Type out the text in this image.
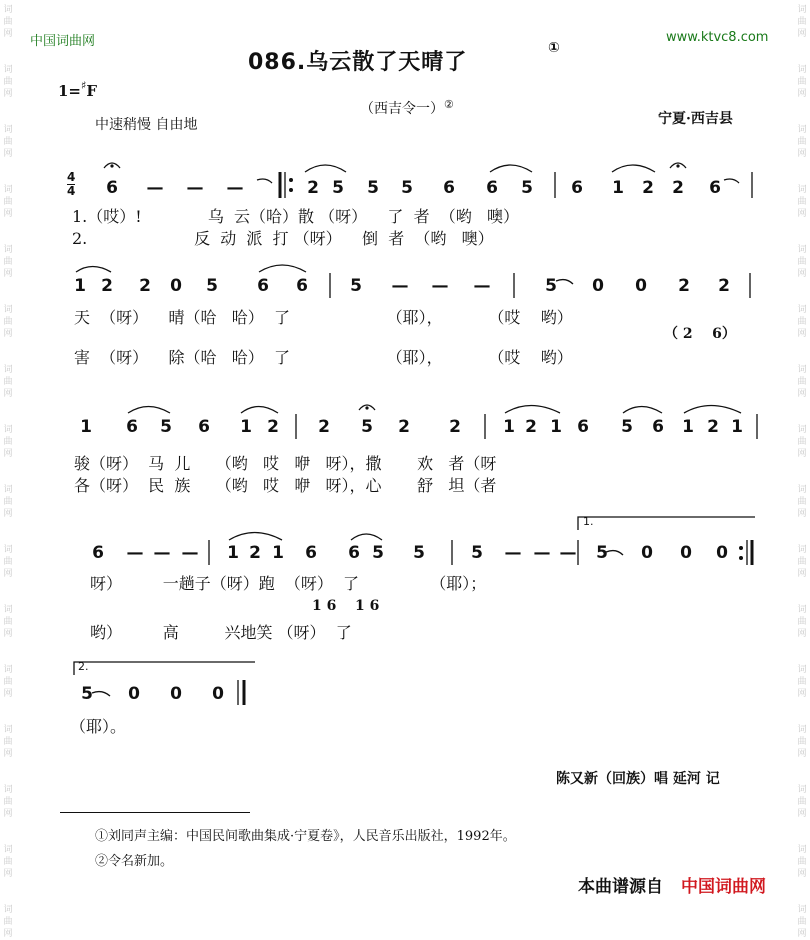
词
曲
网
词
曲
网
词
曲
网
词
曲
网
词
曲
网
词
曲
网
词
曲
网
词
曲
网
词
曲
网
词
曲
网
词
曲
网
词
曲
网
词
曲
网
词
曲
网
词
曲
网
词
曲
网
词
曲
网
词
曲
网
词
曲
网
词
曲
网
词
曲
网
词
曲
网
词
曲
网
词
曲
网
词
曲
网
词
曲
网
词
曲
网
词
曲
网
词
曲
网
词
曲
网
词
曲
网
词
曲
网
中国词曲网	www.ktvc8.com
086.乌云散了天晴了
①
1=♯F
（西吉令一）②
中速稍慢 自由地	宁夏·西吉县
4
4 6 — — —	2 5 5 5 6 6 5 6 1 2 2 6
1 2 2 0 5 6 6 5 — — —	5 0 0 2 2
1 6 5 6 1 2 2 5 2 2 1 2 1 6 5 6 1 2 1
6 — — — 1 2 1 6 6 5 5	5 — — — 5 0 0 0
5 0 0 0
1.（哎）!             乌  云（哈）散 （呀）    了  者  （哟   噢）
2.                     反  动  派  打 （呀）    倒  者  （哟   噢）
天  （呀）    晴（哈   哈）  了                   （耶），         （哎    哟）
（ 2    6）
害  （呀）    除（哈   哈）  了                   （耶），         （哎    哟）
骏（呀）  马  儿     （哟   哎   咿   呀），撒       欢   者（呀
各（呀）  民  族     （哟   哎   咿   呀），心       舒   坦（者
呀）        一趟子（呀）跑  （呀）  了              （耶）；
1 6 1 6
哟）        高         兴地笑 （呀）  了
（耶）。
1.
2.
陈又新（回族）唱 延河 记
①刘同声主编：中国民间歌曲集成·宁夏卷》，人民音乐出版社，1992年。
②令名新加。
本曲谱源自 中国词曲网
